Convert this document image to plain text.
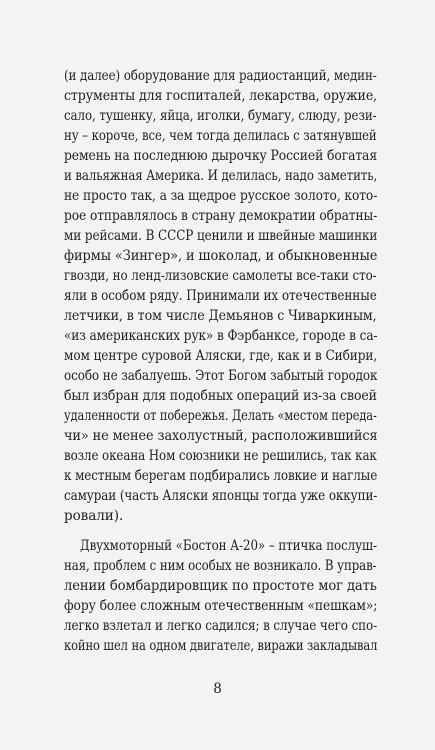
(и далее) оборудование для радиостанций, медин-
струменты для госпиталей, лекарства, оружие,
сало, тушенку, яйца, иголки, бумагу, слюду, рези-
ну – короче, все, чем тогда делилась с затянувшей
ремень на последнюю дырочку Россией богатая
и вальяжная Америка. И делилась, надо заметить,
не просто так, а за щедрое русское золото, кото-
рое отправлялось в страну демократии обратны-
ми рейсами. В СССР ценили и швейные машинки
фирмы «Зингер», и шоколад, и обыкновенные
гвозди, но ленд-лизовские самолеты все-таки сто-
яли в особом ряду. Принимали их отечественные
летчики, в том числе Демьянов с Чиваркиным,
«из американских рук» в Фэрбанксе, городе в са-
мом центре суровой Аляски, где, как и в Сибири,
особо не забалуешь. Этот Богом забытый городок
был избран для подобных операций из-за своей
удаленности от побережья. Делать «местом переда-
чи» не менее захолустный, расположившийся
возле океана Ном союзники не решились, так как
к местным берегам подбирались ловкие и наглые
самураи (часть Аляски японцы тогда уже оккупи-
ровали).
Двухмоторный «Бостон А-20» – птичка послуш-
ная, проблем с ним особых не возникало. В управ-
лении бомбардировщик по простоте мог дать
фору более сложным отечественным «пешкам»;
легко взлетал и легко садился; в случае чего спо-
койно шел на одном двигателе, виражи закладывал
8
